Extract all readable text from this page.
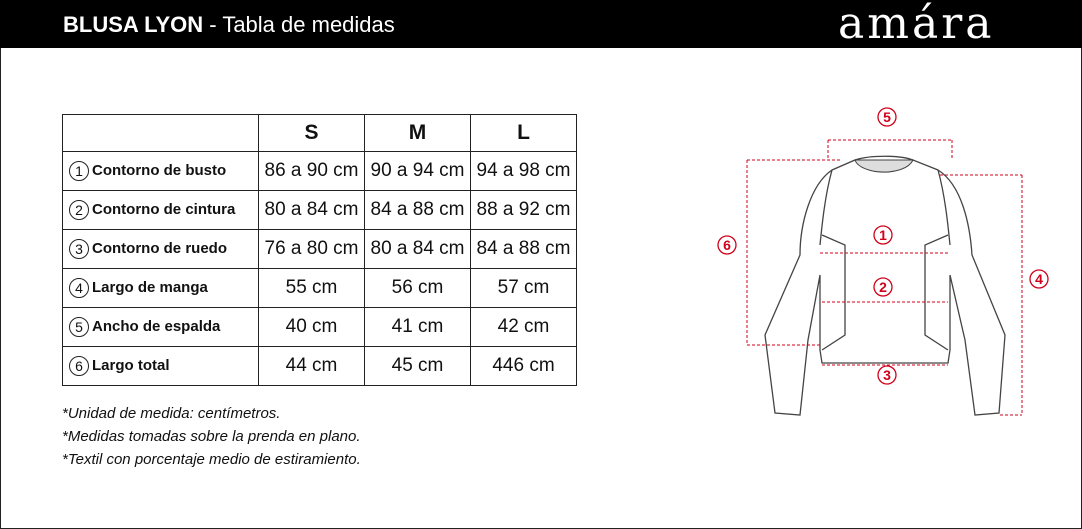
BLUSA LYON - Tabla de medidas	amára
	S	M	L
1 Contorno de busto	86 a 90 cm	90 a 94 cm	94 a 98 cm
2 Contorno de cintura	80 a 84 cm	84 a 88 cm	88 a 92 cm
3 Contorno de ruedo	76 a 80 cm	80 a 84 cm	84 a 88 cm
4 Largo de manga	55 cm	56 cm	57 cm
5 Ancho de espalda	40 cm	41 cm	42 cm
6 Largo total	44 cm	45 cm	446 cm
*Unidad de medida: centímetros.
*Medidas tomadas sobre la prenda en plano.
*Textil con porcentaje medio de estiramiento.
5
1
2
3
6
4
